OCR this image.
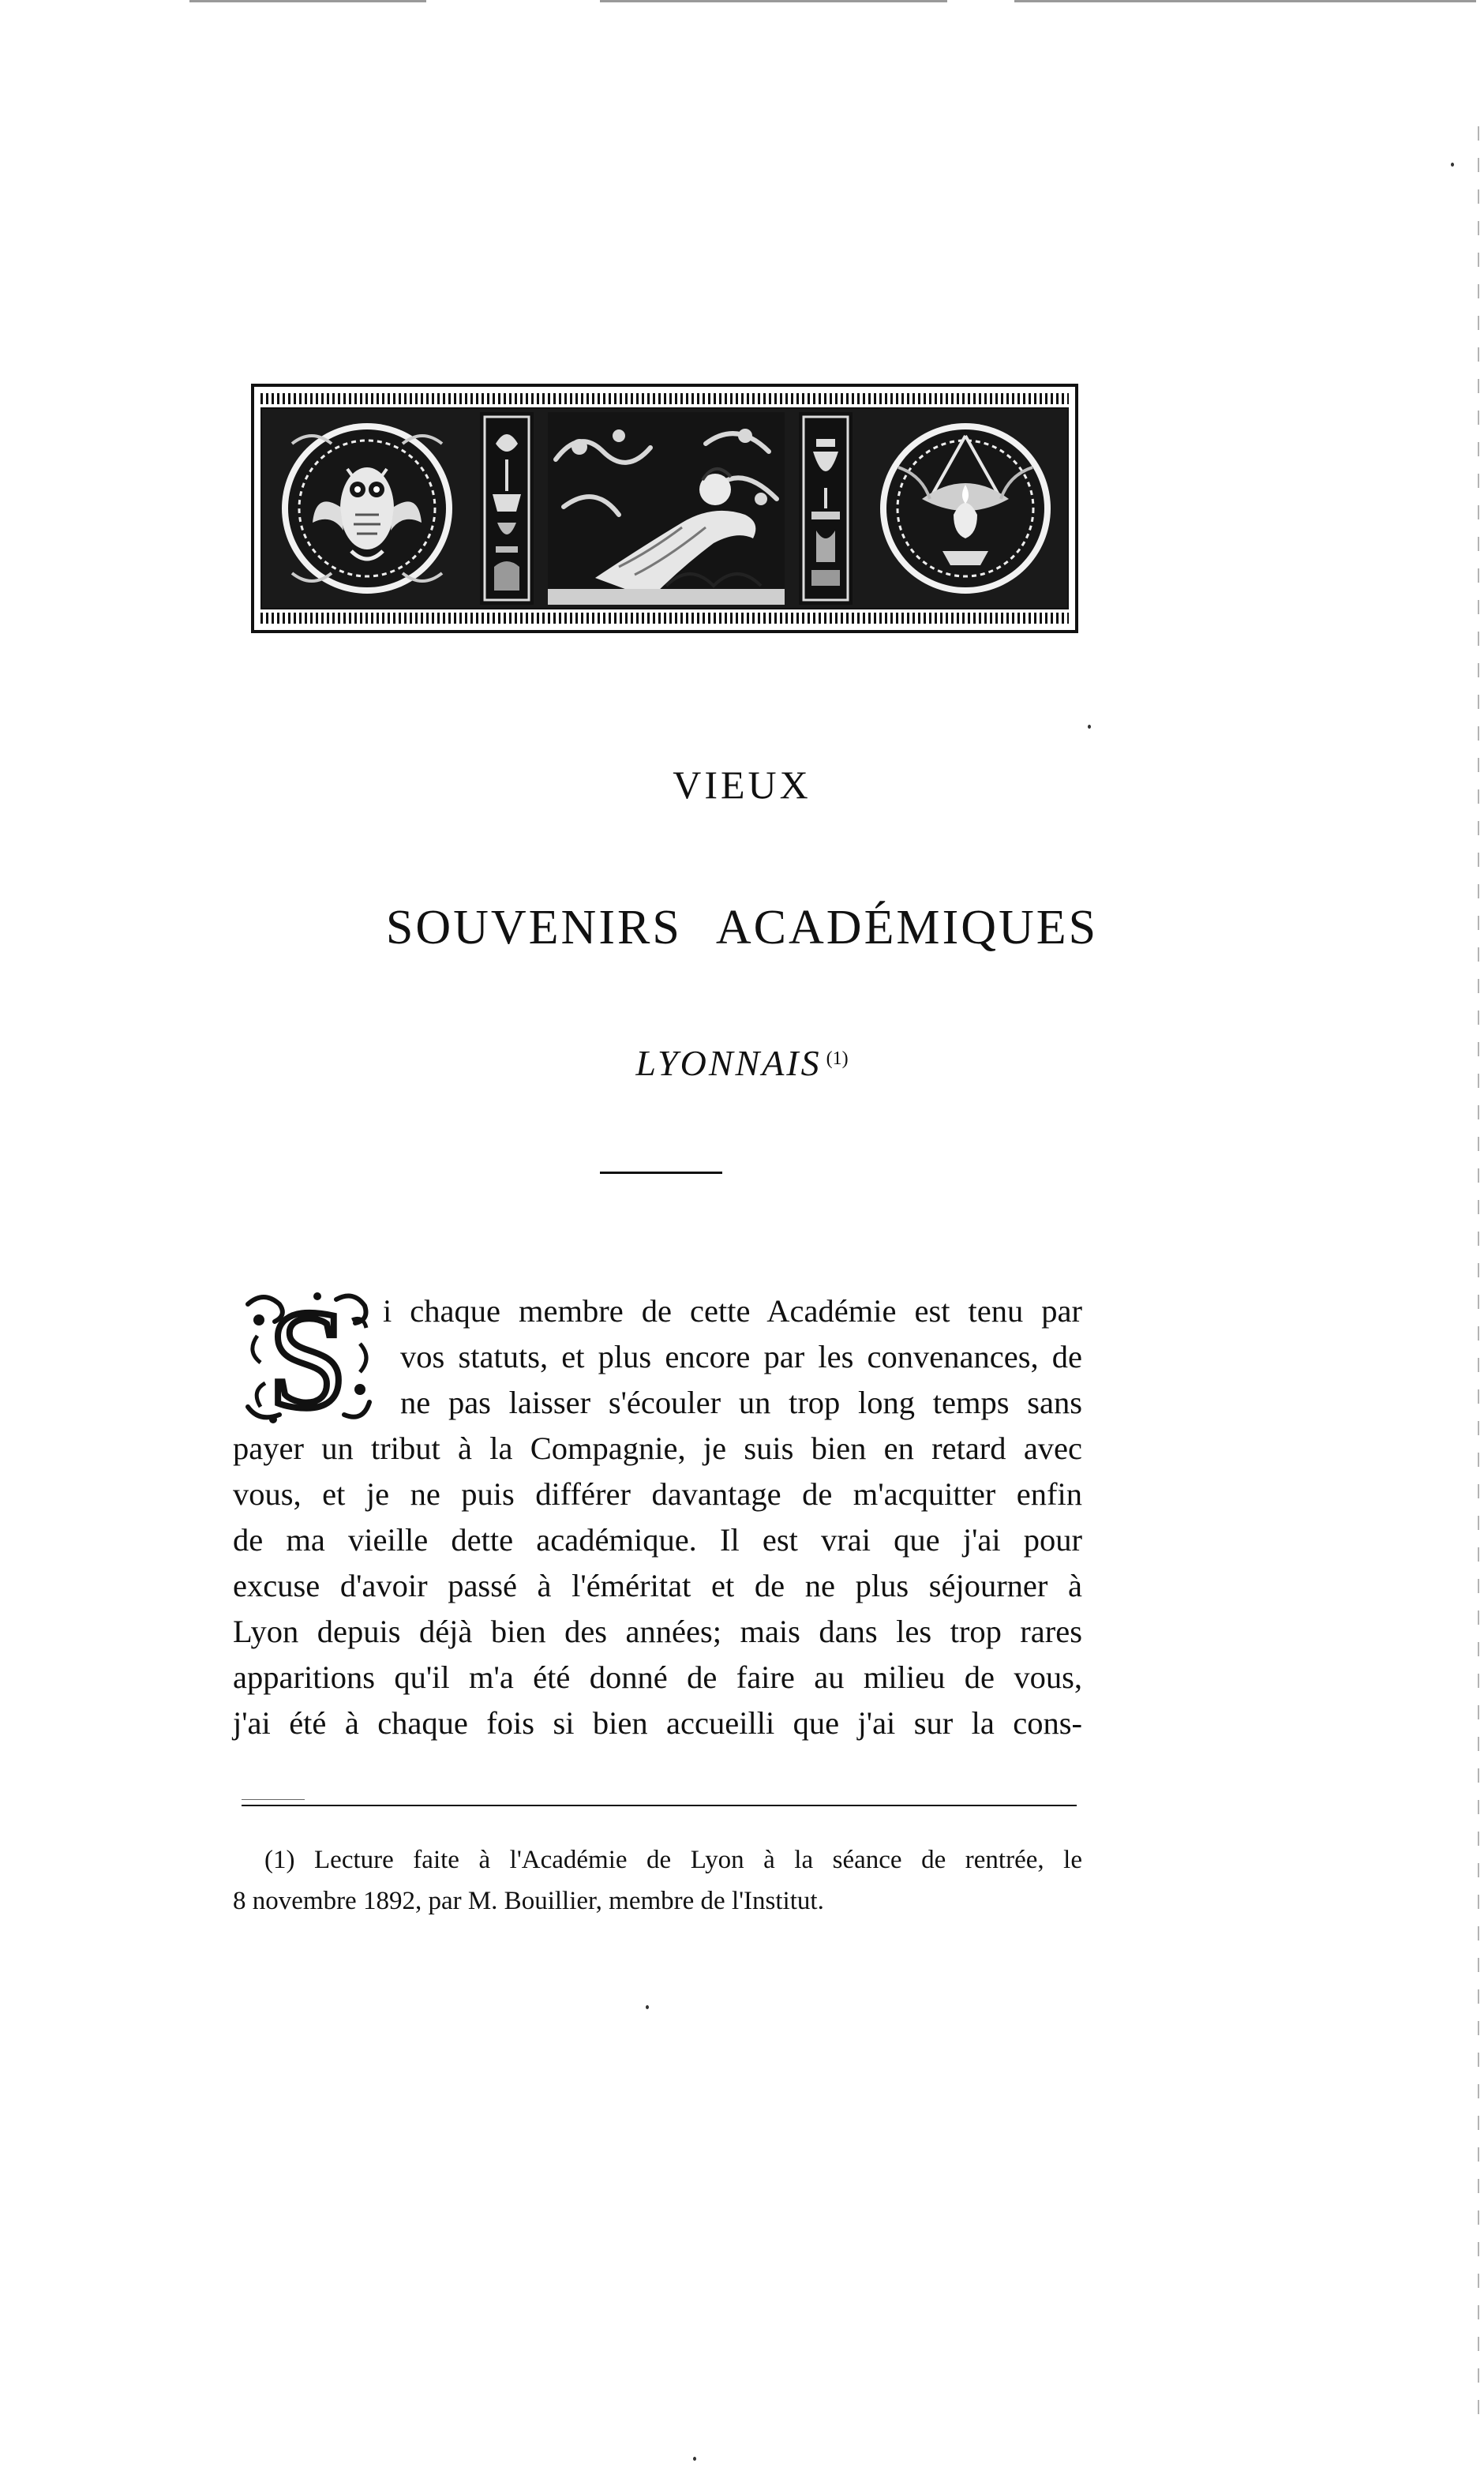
VIEUX
SOUVENIRS ACADÉMIQUES
LYONNAIS $^{(1)}$
S	i chaque membre de cette Académie est tenu par
vos statuts, et plus encore par les convenances, de
ne pas laisser s'écouler un trop long temps sans
payer un tribut à la Compagnie, je suis bien en retard avec
vous, et je ne puis différer davantage de m'acquitter enfin
de ma vieille dette académique. Il est vrai que j'ai pour
excuse d'avoir passé à l'éméritat et de ne plus séjourner à
Lyon depuis déjà bien des années; mais dans les trop rares
apparitions qu'il m'a été donné de faire au milieu de vous,
j'ai été à chaque fois si bien accueilli que j'ai sur la cons-
(1) Lecture faite à l'Académie de Lyon à la séance de rentrée, le
8 novembre 1892, par M. Bouillier, membre de l'Institut.
